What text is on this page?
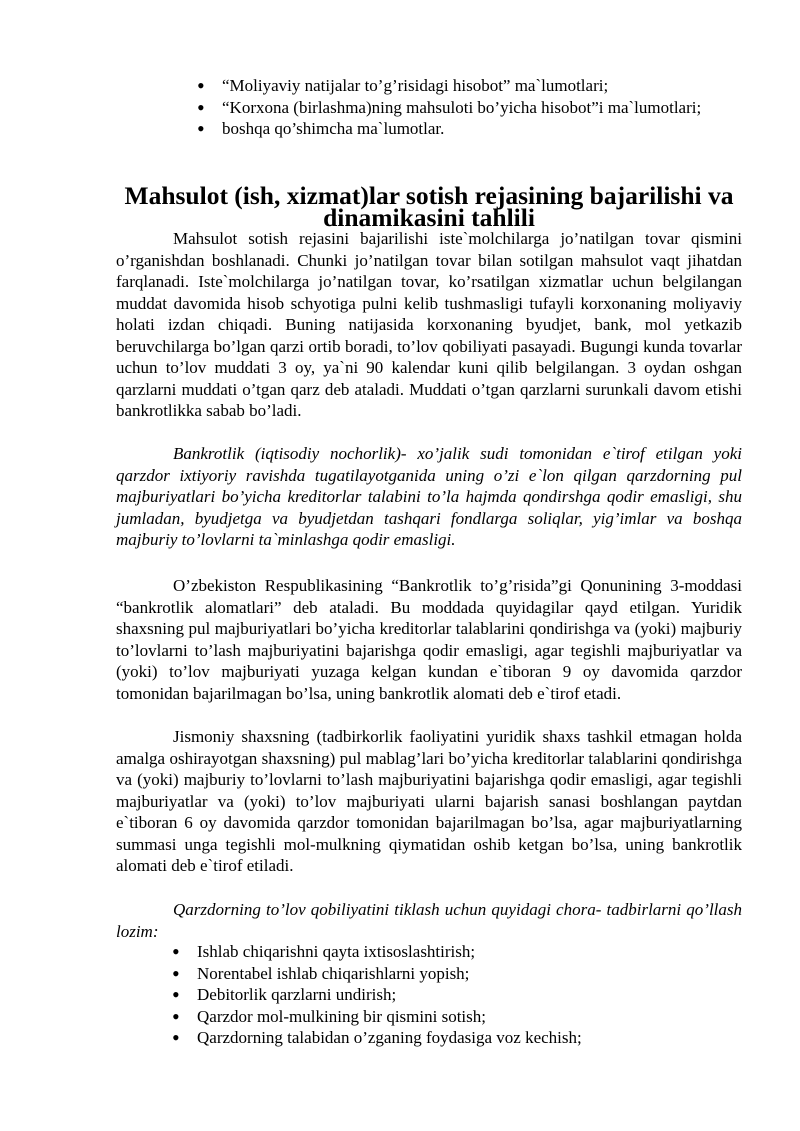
• “Moliyaviy natijalar to’g’risidagi hisobot” ma`lumotlari;
• “Korxona (birlashma)ning mahsuloti bo’yicha hisobot”i ma`lumotlari;
• boshqa qo’shimcha ma`lumotlar.
Mahsulot (ish, xizmat)lar sotish rejasining bajarilishi va dinamikasini tahlili

Mahsulot sotish rejasini bajarilishi iste`molchilarga jo’natilgan tovar qismini o’rganishdan boshlanadi. Chunki jo’natilgan tovar bilan sotilgan mahsulot vaqt jihatdan farqlanadi. Iste`molchilarga jo’natilgan tovar, ko’rsatilgan xizmatlar uchun belgilangan muddat davomida hisob schyotiga pulni kelib tushmasligi tufayli korxonaning moliyaviy holati izdan chiqadi. Buning natijasida korxonaning byudjet, bank, mol yetkazib beruvchilarga bo’lgan qarzi ortib boradi, to’lov qobiliyati pasayadi. Bugungi kunda tovarlar uchun to’lov muddati 3 oy, ya`ni 90 kalendar kuni qilib belgilangan. 3 oydan oshgan qarzlarni muddati o’tgan qarz deb ataladi. Muddati o’tgan qarzlarni surunkali davom etishi bankrotlikka sabab bo’ladi.

Bankrotlik (iqtisodiy nochorlik)- xo’jalik sudi tomonidan e`tirof etilgan yoki qarzdor ixtiyoriy ravishda tugatilayotganida uning o’zi e`lon qilgan qarzdorning pul majburiyatlari bo’yicha kreditorlar talabini to’la hajmda qondirshga qodir emasligi, shu jumladan, byudjetga va byudjetdan tashqari fondlarga soliqlar, yig’imlar va boshqa majburiy to’lovlarni ta`minlashga qodir emasligi.

O’zbekiston Respublikasining “Bankrotlik to’g’risida”gi Qonunining 3-moddasi “bankrotlik alomatlari” deb ataladi. Bu moddada quyidagilar qayd etilgan. Yuridik shaxsning pul majburiyatlari bo’yicha kreditorlar talablarini qondirishga va (yoki) majburiy to’lovlarni to’lash majburiyatini bajarishga qodir emasligi, agar tegishli majburiyatlar va (yoki) to’lov majburiyati yuzaga kelgan kundan e`tiboran 9 oy davomida qarzdor tomonidan bajarilmagan bo’lsa, uning bankrotlik alomati deb e`tirof etadi.

Jismoniy shaxsning (tadbirkorlik faoliyatini yuridik shaxs tashkil etmagan holda amalga oshirayotgan shaxsning) pul mablag’lari bo’yicha kreditorlar talablarini qondirishga va (yoki) majburiy to’lovlarni to’lash majburiyatini bajarishga qodir emasligi, agar tegishli majburiyatlar va (yoki) to’lov majburiyati ularni bajarish sanasi boshlangan paytdan e`tiboran 6 oy davomida qarzdor tomonidan bajarilmagan bo’lsa, agar majburiyatlarning summasi unga tegishli mol-mulkning qiymatidan oshib ketgan bo’lsa, uning bankrotlik alomati deb e`tirof etiladi.

Qarzdorning to’lov qobiliyatini tiklash uchun quyidagi chora- tadbirlarni qo’llash lozim:

• Ishlab chiqarishni qayta ixtisoslashtirish;
• Norentabel ishlab chiqarishlarni yopish;
• Debitorlik qarzlarni undirish;
• Qarzdor mol-mulkining bir qismini sotish;
• Qarzdorning talabidan o’zganing foydasiga voz kechish;
